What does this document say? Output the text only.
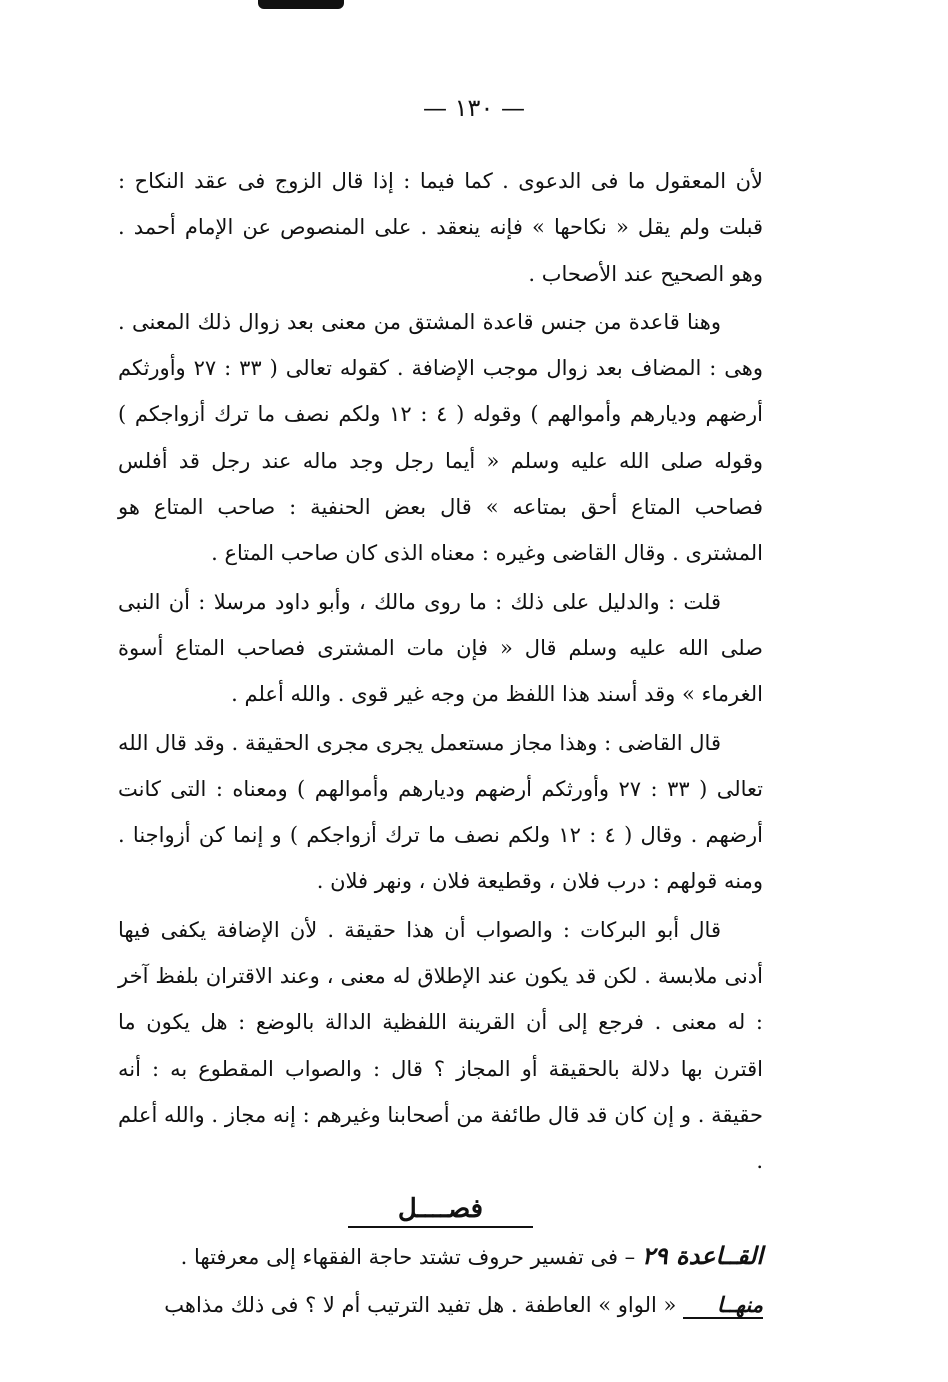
— ١٣٠ —

لأن المعقول ما فى الدعوى . كما فيما : إذا قال الزوج فى عقد النكاح : قبلت ولم يقل « نكاحها » فإنه ينعقد . على المنصوص عن الإمام أحمد . وهو الصحيح عند الأصحاب .

وهنا قاعدة من جنس قاعدة المشتق من معنى بعد زوال ذلك المعنى . وهى : المضاف بعد زوال موجب الإضافة . كقوله تعالى ( ٣٣ : ٢٧ وأورثكم أرضهم وديارهم وأموالهم ) وقوله ( ٤ : ١٢ ولكم نصف ما ترك أزواجكم ) وقوله صلى الله عليه وسلم « أيما رجل وجد ماله عند رجل قد أفلس فصاحب المتاع أحق بمتاعه » قال بعض الحنفية : صاحب المتاع هو المشترى . وقال القاضى وغيره : معناه الذى كان صاحب المتاع .

قلت : والدليل على ذلك : ما روى مالك ، وأبو داود مرسلا : أن النبى صلى الله عليه وسلم قال « فإن مات المشترى فصاحب المتاع أسوة الغرماء » وقد أسند هذا اللفظ من وجه غير قوى . والله أعلم .

قال القاضى : وهذا مجاز مستعمل يجرى مجرى الحقيقة . وقد قال الله تعالى ( ٣٣ : ٢٧ وأورثكم أرضهم وديارهم وأموالهم ) ومعناه : التى كانت أرضهم . وقال ( ٤ : ١٢ ولكم نصف ما ترك أزواجكم ) و إنما كن أزواجنا . ومنه قولهم : درب فلان ، وقطيعة فلان ، ونهر فلان .

قال أبو البركات : والصواب أن هذا حقيقة . لأن الإضافة يكفى فيها أدنى ملابسة . لكن قد يكون عند الإطلاق له معنى ، وعند الاقتران بلفظ آخر : له معنى . فرجع إلى أن القرينة اللفظية الدالة بالوضع : هل يكون ما اقترن بها دلالة بالحقيقة أو المجاز ؟ قال : والصواب المقطوع به : أنه حقيقة . و إن كان قد قال طائفة من أصحابنا وغيرهم : إنه مجاز . والله أعلم .

فصــــل

القــاعدة ٢٩ – فى تفسير حروف تشتد حاجة الفقهاء إلى معرفتها .

منهــا « الواو » العاطفة . هل تفيد الترتيب أم لا ؟ فى ذلك مذاهب
